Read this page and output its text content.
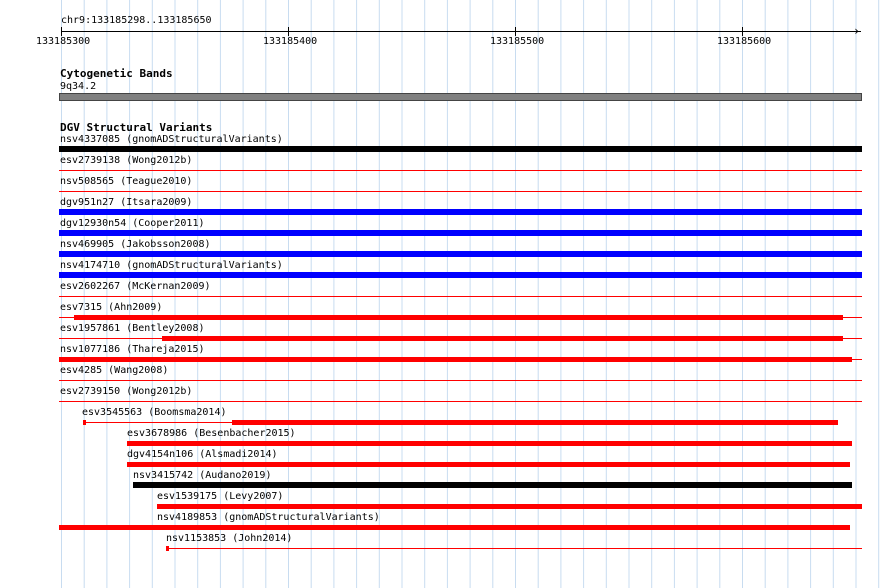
chr9:133185298..133185650
›
133185300	133185400	133185500	133185600
Cytogenetic Bands
9q34.2
DGV Structural Variants
nsv4337085 (gnomADStructuralVariants)
esv2739138 (Wong2012b)
nsv508565 (Teague2010)
dgv951n27 (Itsara2009)
dgv12930n54 (Cooper2011)
nsv469905 (Jakobsson2008)
nsv4174710 (gnomADStructuralVariants)
esv2602267 (McKernan2009)
esv7315 (Ahn2009)
esv1957861 (Bentley2008)
nsv1077186 (Thareja2015)
esv4285 (Wang2008)
esv2739150 (Wong2012b)
esv3545563 (Boomsma2014)
esv3678986 (Besenbacher2015)
dgv4154n106 (Alsmadi2014)
nsv3415742 (Audano2019)
esv1539175 (Levy2007)
nsv4189853 (gnomADStructuralVariants)
nsv1153853 (John2014)
